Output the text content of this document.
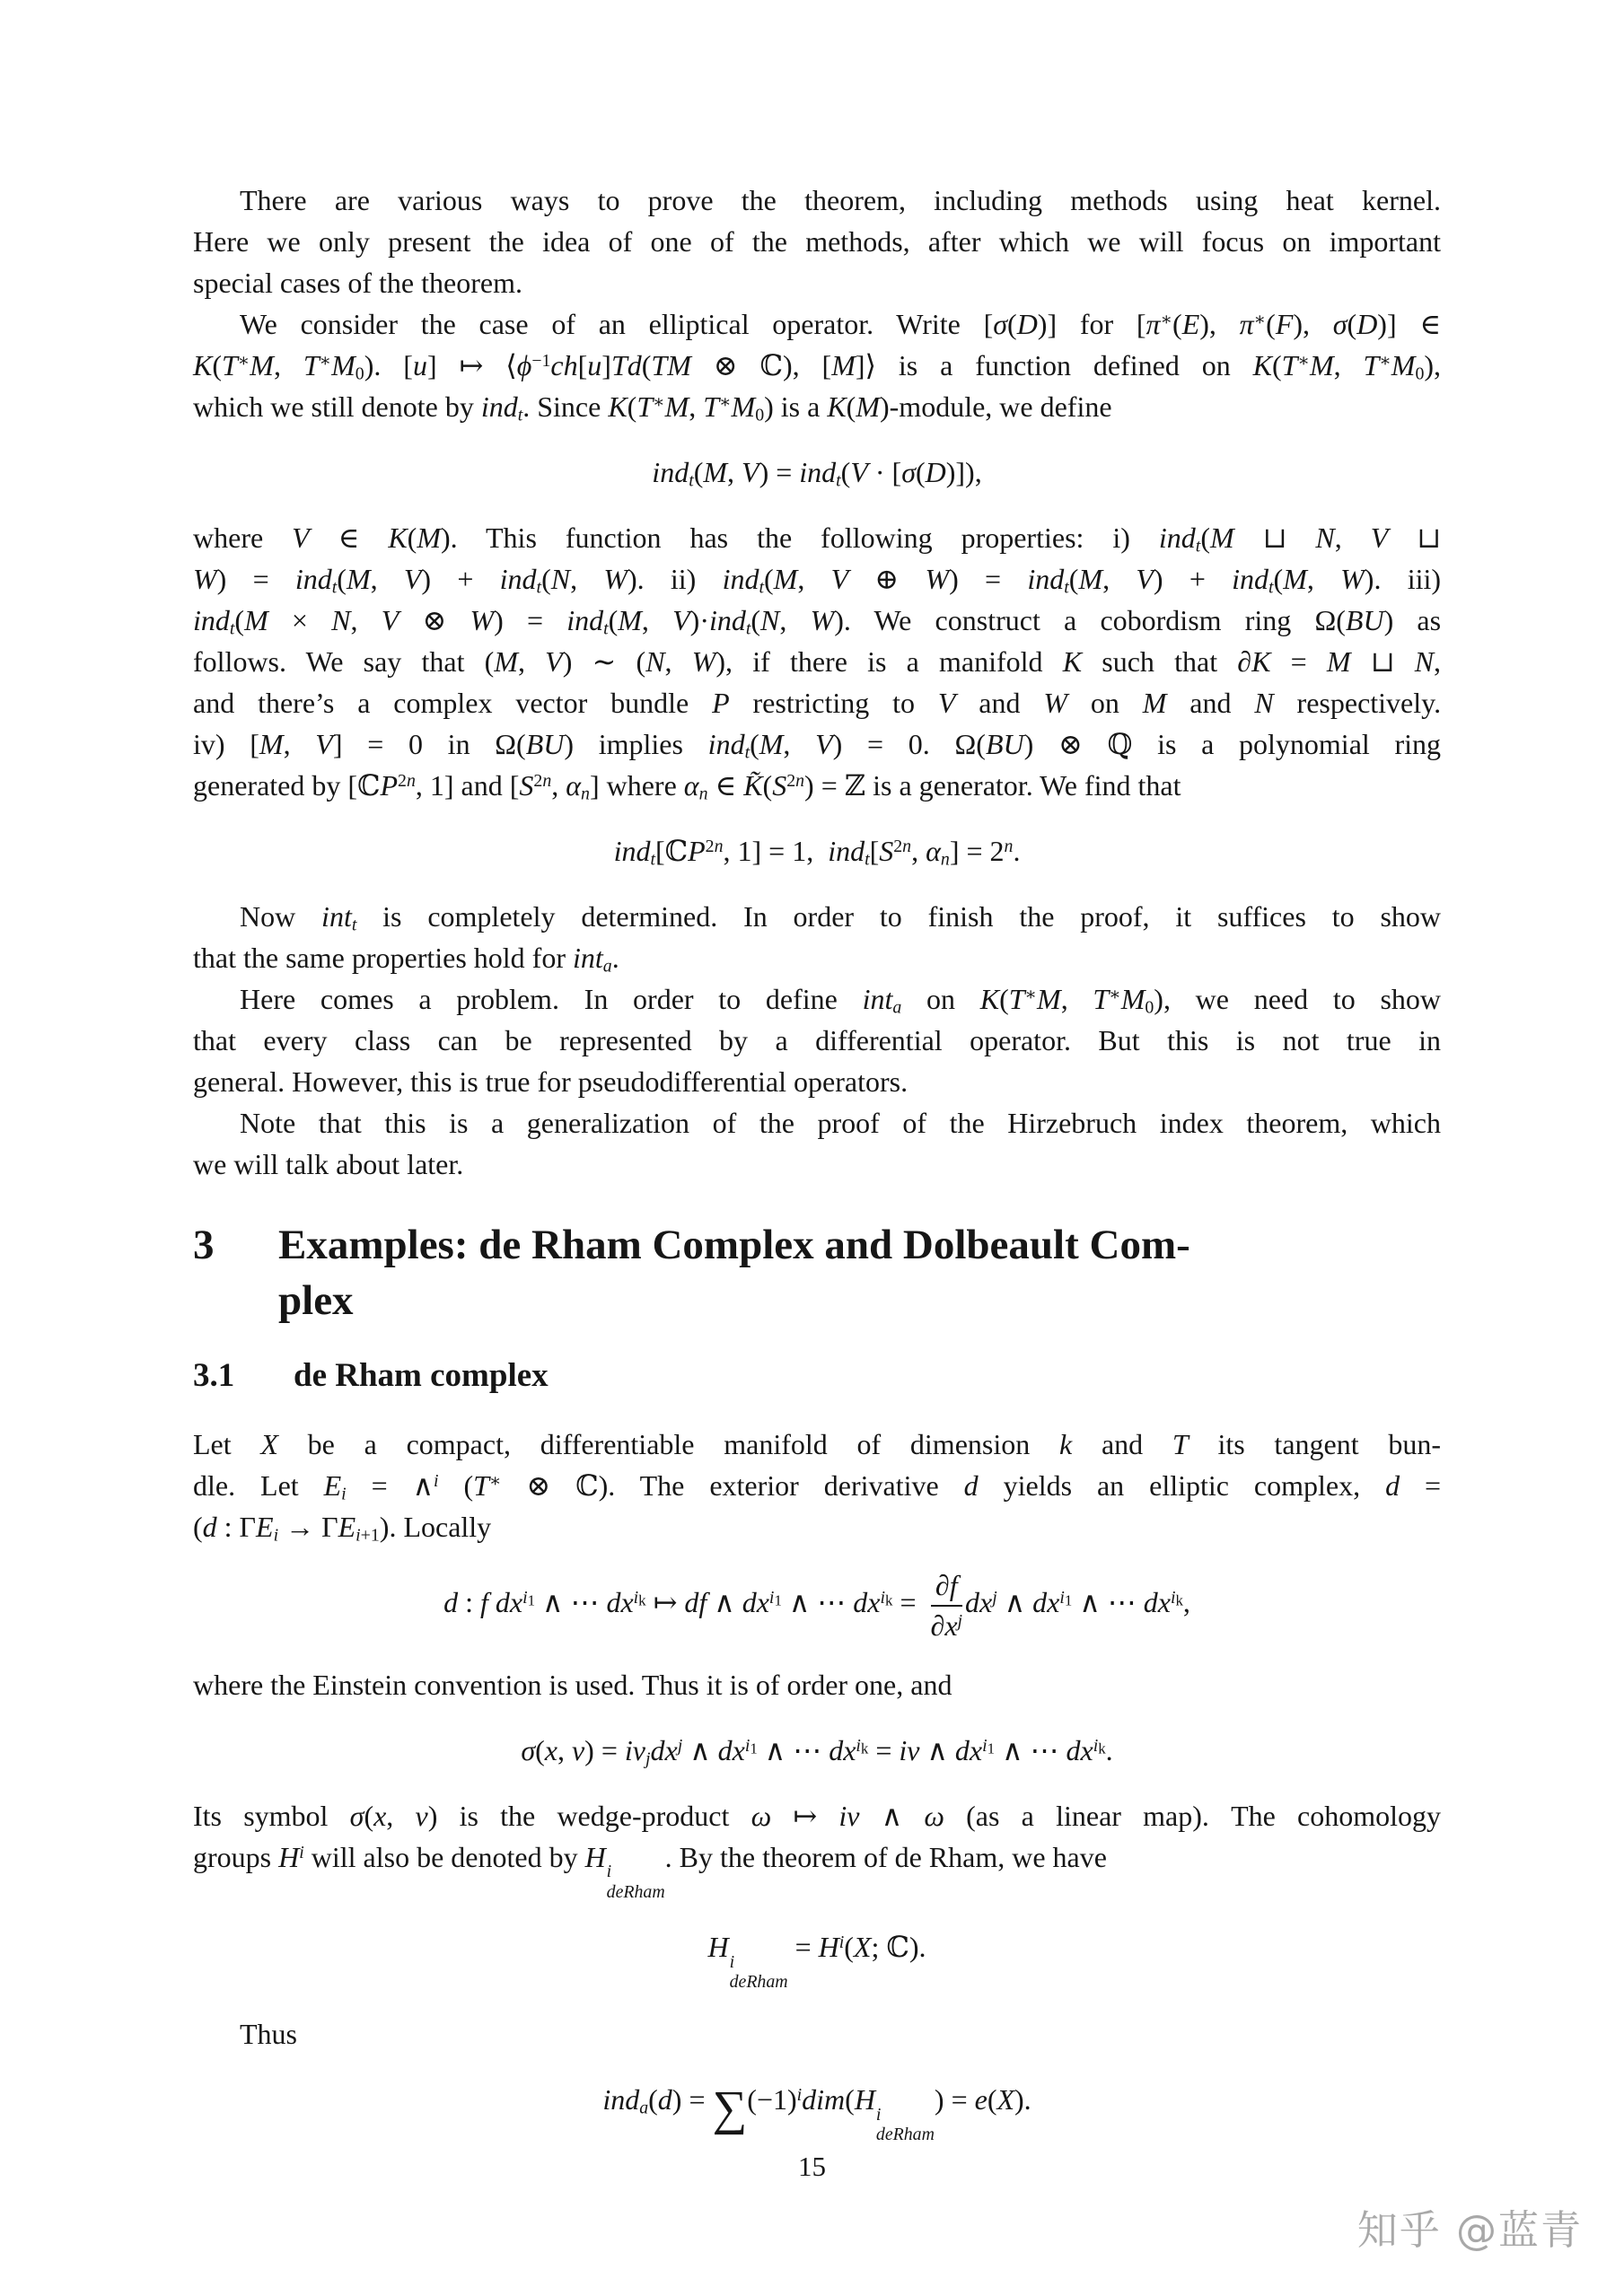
There are various ways to prove the theorem, including methods using heat kernel.
Here we only present the idea of one of the methods, after which we will focus on important
special cases of the theorem.
We consider the case of an elliptical operator. Write [σ(D)] for [π∗(E), π∗(F), σ(D)] ∈
K(T∗M, $T^∗M_0$). [u] ↦ $⟨\phi^{-1}ch[u]Td(TM$ ⊗ ℂ), [M]⟩ is a function defined on K(T∗M, $T^∗M_0$),
which we still denote by ind$_t$. Since K(T∗M, $T^∗M_0$) is a K(M)-module, we define
ind$_t$(M, V) = ind$_t$(V · [σ(D)]),
where V ∈ K(M). This function has the following properties: i) ind$_t$(M ⊔ N, V ⊔
W) = ind$_t$(M, V) + ind$_t$(N, W). ii) ind$_t$(M, V ⊕ W) = ind$_t$(M, V) + ind$_t$(M, W). iii)
ind$_t$(M × N, V ⊗ W) = ind$_t$(M, V)·ind$_t$(N, W). We construct a cobordism ring Ω(BU) as
follows. We say that (M, V) ∼ (N, W), if there is a manifold K such that ∂K = M ⊔ N,
and there’s a complex vector bundle P restricting to V and W on M and N respectively.
iv) [M, V] = 0 in Ω(BU) implies ind$_t$(M, V) = 0. Ω(BU) ⊗ ℚ is a polynomial ring
generated by [ℂP$^{2n}$, 1] and [$S^{2n}$, $\alpha_n$] where $\alpha_n$ ∈ $K̃(S^{2n})$ = ℤ is a generator. We find that
ind$_t$[ℂP$^{2n}$, 1] = 1,  $ind_t[S^{2n}$, $\alpha_n] = 2^n$.
Now int$_t$ is completely determined. In order to finish the proof, it suffices to show
that the same properties hold for int$_a$.
Here comes a problem. In order to define int$_a$ on K(T∗M, $T^∗M_0$), we need to show
that every class can be represented by a differential operator. But this is not true in
general. However, this is true for pseudodifferential operators.
Note that this is a generalization of the proof of the Hirzebruch index theorem, which
we will talk about later.
3	Examples: de Rham Complex and Dolbeault Com-
plex
3.1	de Rham complex
Let X be a compact, differentiable manifold of dimension k and T its tangent bun-
dle. Let $E_i$ = ∧$^i$ (T∗ ⊗ ℂ). The exterior derivative d yields an elliptic complex, d =
(d : $\Gamma E_i \to \Gamma E_{i+1}$). Locally
d : f $dx^{i_1}$ ∧ ⋯ $dx^{i_k}$ ↦ df ∧ $dx^{i_1}$ ∧ ⋯ $dx^{i_k} = \frac{\partial f}{\partial x^j} dx^j$ ∧ $dx^{i_1}$ ∧ ⋯ $dx^{i_k}$,
where the Einstein convention is used. Thus it is of order one, and
σ(x, $v) = iv_jdx^j$ ∧ $dx^{i_1}$ ∧ ⋯ $dx^{i_k}$ = iv ∧ $dx^{i_1}$ ∧ ⋯ $dx^{i_k}$.
Its symbol σ(x, v) is the wedge-product ω ↦ iv ∧ ω (as a linear map). The cohomology
groups $H^i$ will also be denoted by H i
deRham
. By the theorem of de Rham, we have
H i
deRham
= $H^i(X$; ℂ).
Thus
$ind_a(d) = \sum(-1)^idim(H$ i
deRham
) = e(X).
15
知乎 @蓝青
